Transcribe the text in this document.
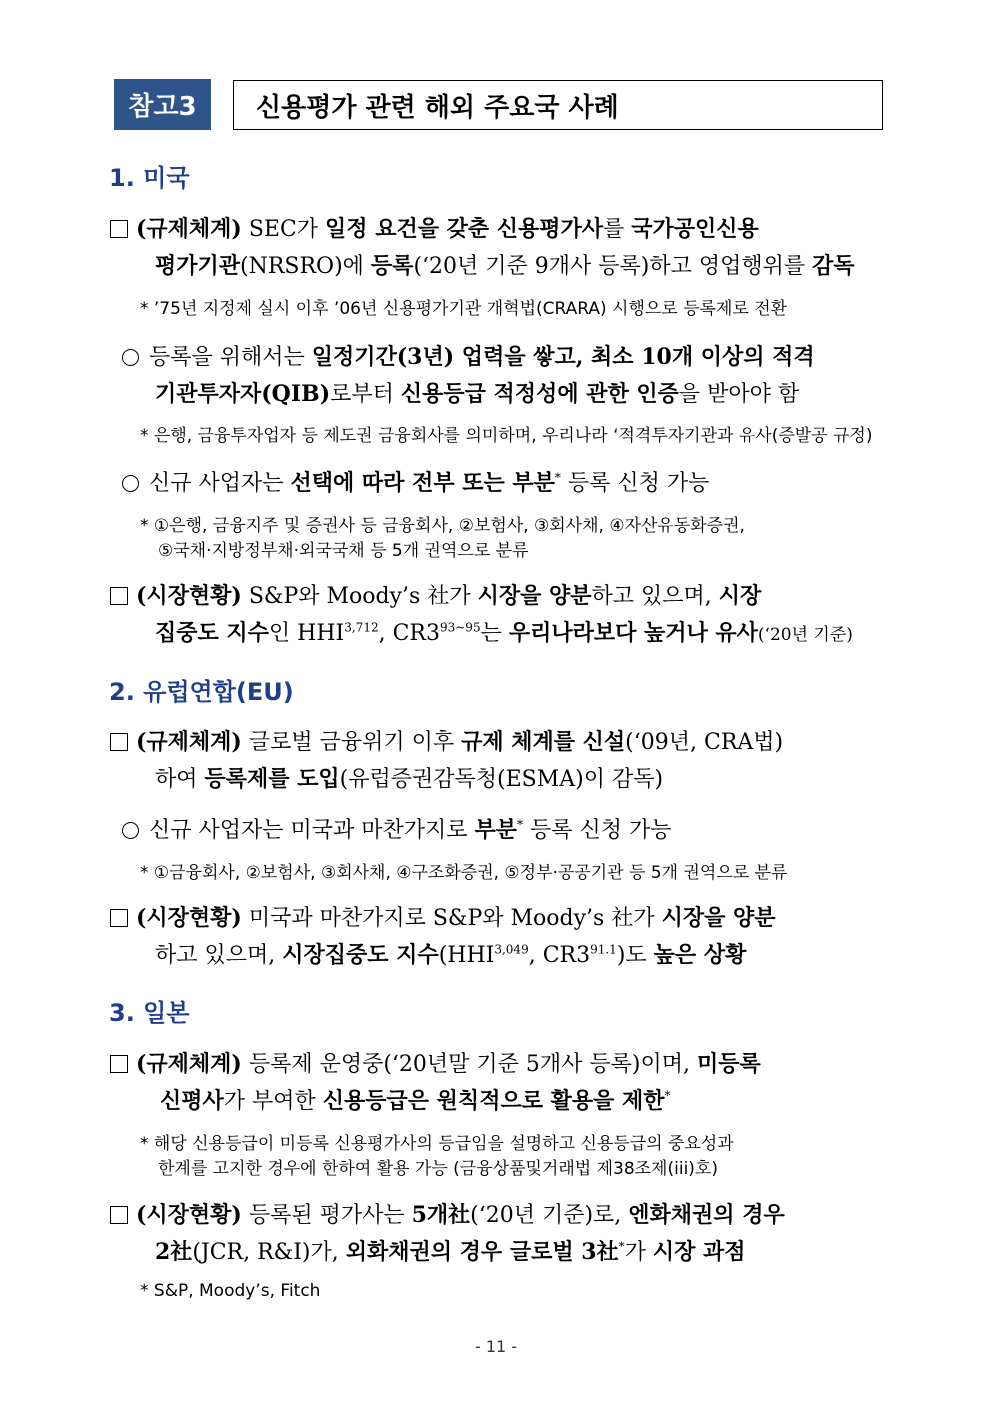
참고3 신용평가 관련 해외 주요국 사례
1. 미국
(규제체계) SEC가 일정 요건을 갖춘 신용평가사를 국가공인신용
평가기관(NRSRO)에 등록(‘20년 기준 9개사 등록)하고 영업행위를 감독
* ’75년 지정제 실시 이후 ’06년 신용평가기관 개혁법(CRARA) 시행으로 등록제로 전환
등록을 위해서는 일정기간(3년) 업력을 쌓고, 최소 10개 이상의 적격
기관투자자(QIB)로부터 신용등급 적정성에 관한 인증을 받아야 함
* 은행, 금융투자업자 등 제도권 금융회사를 의미하며, 우리나라 ‘적격투자기관과 유사(증발공 규정)
신규 사업자는 선택에 따라 전부 또는 부분* 등록 신청 가능
* ①은행, 금융지주 및 증권사 등 금융회사, ②보험사, ③회사채, ④자산유동화증권,
⑤국채·지방정부채·외국국채 등 5개 권역으로 분류
(시장현황) S&P와 Moody’s 社가 시장을 양분하고 있으며, 시장
집중도 지수인 HHI$^{3,712}$, $CR3^{93\sim 95}$는 우리나라보다 높거나 유사(‘20년 기준)
2. 유럽연합(EU)
(규제체계) 글로벌 금융위기 이후 규제 체계를 신설(‘09년, CRA법)
하여 등록제를 도입(유럽증권감독청(ESMA)이 감독)
신규 사업자는 미국과 마찬가지로 부분* 등록 신청 가능
* ①금융회사, ②보험사, ③회사채, ④구조화증권, ⑤정부·공공기관 등 5개 권역으로 분류
(시장현황) 미국과 마찬가지로 S&P와 Moody’s 社가 시장을 양분
하고 있으며, 시장집중도 지수(HHI$^{3,049}$, $CR3^{91.1}$)도 높은 상황
3. 일본
(규제체계) 등록제 운영중(‘20년말 기준 5개사 등록)이며, 미등록
신평사가 부여한 신용등급은 원칙적으로 활용을 제한*
* 해당 신용등급이 미등록 신용평가사의 등급임을 설명하고 신용등급의 중요성과
한계를 고지한 경우에 한하여 활용 가능 (금융상품및거래법 제38조제(iii)호)
(시장현황) 등록된 평가사는 5개社(‘20년 기준)로, 엔화채권의 경우
2社(JCR, R&I)가, 외화채권의 경우 글로벌 3社*가 시장 과점
* S&P, Moody’s, Fitch
- 11 -
